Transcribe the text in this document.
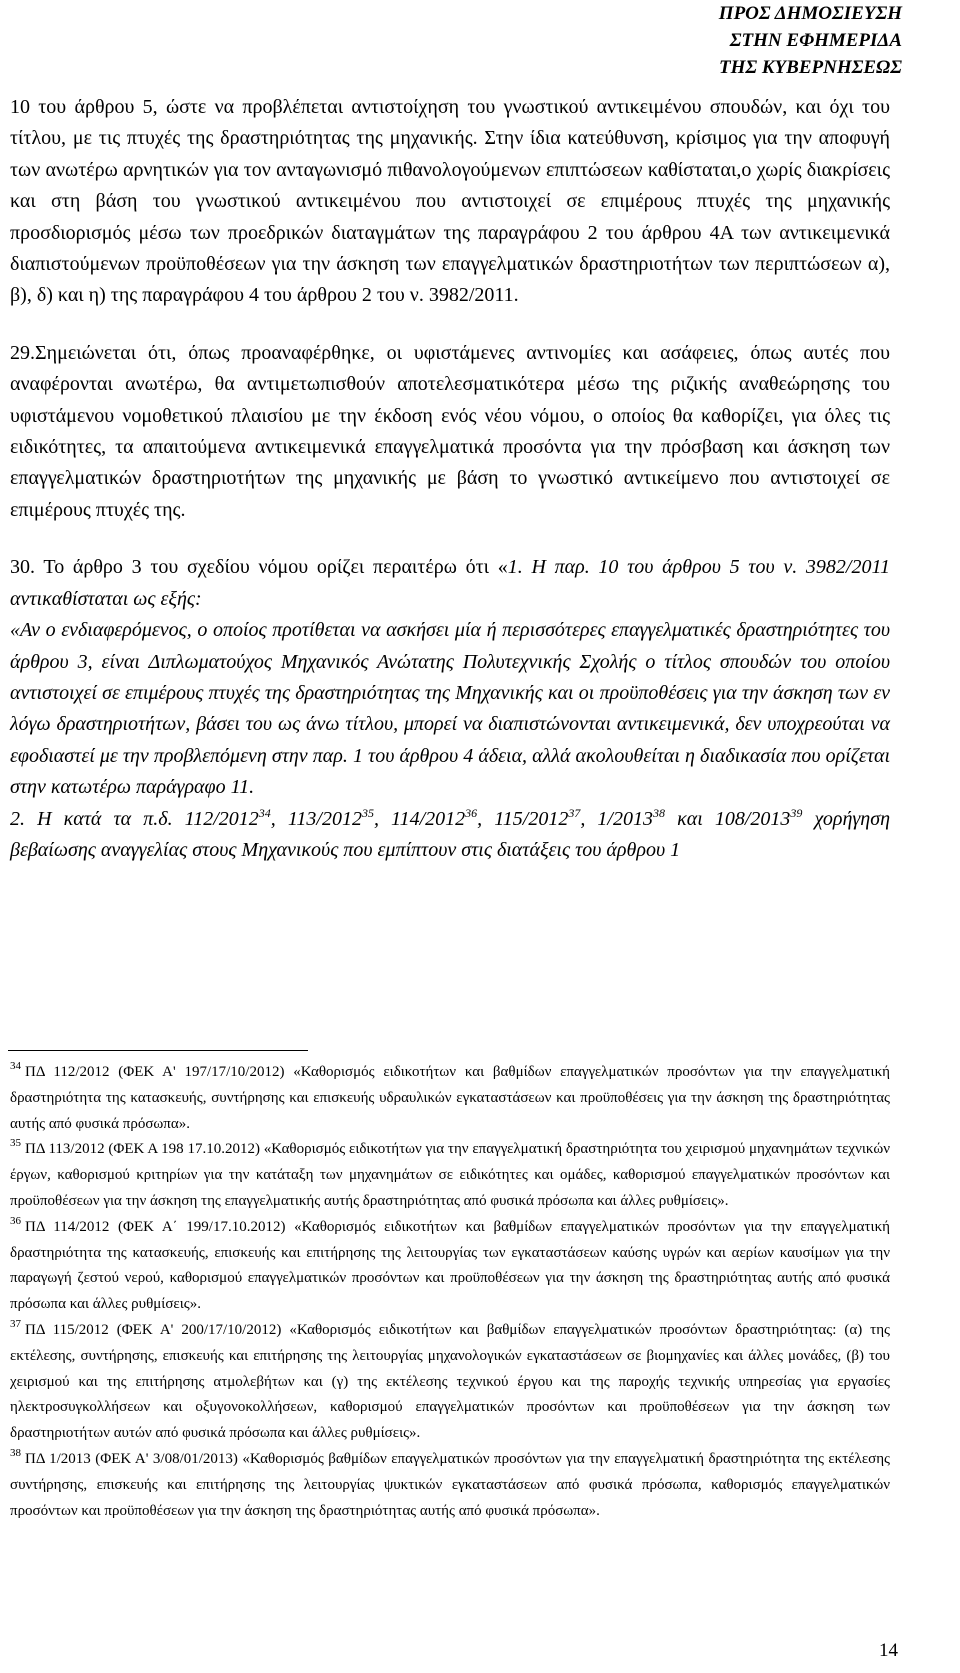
ΠΡΟΣ ΔΗΜΟΣΙΕΥΣΗ
ΣΤΗΝ ΕΦΗΜΕΡΙΔΑ
ΤΗΣ ΚΥΒΕΡΝΗΣΕΩΣ

10 του άρθρου 5, ώστε να προβλέπεται αντιστοίχηση του γνωστικού αντικειμένου σπουδών, και όχι του τίτλου, με τις πτυχές της δραστηριότητας της μηχανικής. Στην ίδια κατεύθυνση, κρίσιμος για την αποφυγή των ανωτέρω αρνητικών για τον ανταγωνισμό πιθανολογούμενων επιπτώσεων καθίσταται,ο χωρίς διακρίσεις και στη βάση του γνωστικού αντικειμένου που αντιστοιχεί σε επιμέρους πτυχές της μηχανικής προσδιορισμός μέσω των προεδρικών διαταγμάτων της παραγράφου 2 του άρθρου 4Α των αντικειμενικά διαπιστούμενων προϋποθέσεων για την άσκηση των επαγγελματικών δραστηριοτήτων των περιπτώσεων α), β), δ) και η) της παραγράφου 4 του άρθρου 2 του ν. 3982/2011.

29.Σημειώνεται ότι, όπως προαναφέρθηκε, οι υφιστάμενες αντινομίες και ασάφειες, όπως αυτές που αναφέρονται ανωτέρω, θα αντιμετωπισθούν αποτελεσματικότερα μέσω της ριζικής αναθεώρησης του υφιστάμενου νομοθετικού πλαισίου με την έκδοση ενός νέου νόμου, ο οποίος θα καθορίζει, για όλες τις ειδικότητες, τα απαιτούμενα αντικειμενικά επαγγελματικά προσόντα για την πρόσβαση και άσκηση των επαγγελματικών δραστηριοτήτων της μηχανικής με βάση το γνωστικό αντικείμενο που αντιστοιχεί σε επιμέρους πτυχές της.

30. Το άρθρο 3 του σχεδίου νόμου ορίζει περαιτέρω ότι «1. Η παρ. 10 του άρθρου 5 του ν. 3982/2011 αντικαθίσταται ως εξής:

«Αν ο ενδιαφερόμενος, ο οποίος προτίθεται να ασκήσει μία ή περισσότερες επαγγελματικές δραστηριότητες του άρθρου 3, είναι Διπλωματούχος Μηχανικός Ανώτατης Πολυτεχνικής Σχολής ο τίτλος σπουδών του οποίου αντιστοιχεί σε επιμέρους πτυχές της δραστηριότητας της Μηχανικής και οι προϋποθέσεις για την άσκηση των εν λόγω δραστηριοτήτων, βάσει του ως άνω τίτλου, μπορεί να διαπιστώνονται αντικειμενικά, δεν υποχρεούται να εφοδιαστεί με την προβλεπόμενη στην παρ. 1 του άρθρου 4 άδεια, αλλά ακολουθείται η διαδικασία που ορίζεται στην κατωτέρω παράγραφο 11.

2. Η κατά τα π.δ. 112/2012$^{34}$, 113/2012$^{35}$, 114/2012$^{36}$, 115/2012$^{37}$, 1/2013$^{38}$ και 108/2013$^{39}$ χορήγηση βεβαίωσης αναγγελίας στους Μηχανικούς που εμπίπτουν στις διατάξεις του άρθρου 1

$^{34}$ ΠΔ 112/2012 (ΦΕΚ Α' 197/17/10/2012) «Καθορισμός ειδικοτήτων και βαθμίδων επαγγελματικών προσόντων για την επαγγελματική δραστηριότητα της κατασκευής, συντήρησης και επισκευής υδραυλικών εγκαταστάσεων και προϋποθέσεις για την άσκηση της δραστηριότητας αυτής από φυσικά πρόσωπα».

$^{35}$ ΠΔ 113/2012 (ΦΕΚ Α 198 17.10.2012) «Καθορισμός ειδικοτήτων για την επαγγελματική δραστηριότητα του χειρισμού μηχανημάτων τεχνικών έργων, καθορισμού κριτηρίων για την κατάταξη των μηχανημάτων σε ειδικότητες και ομάδες, καθορισμού επαγγελματικών προσόντων και προϋποθέσεων για την άσκηση της επαγγελματικής αυτής δραστηριότητας από φυσικά πρόσωπα και άλλες ρυθμίσεις».

$^{36}$ ΠΔ 114/2012 (ΦΕΚ Α΄ 199/17.10.2012) «Καθορισμός ειδικοτήτων και βαθμίδων επαγγελματικών προσόντων για την επαγγελματική δραστηριότητα της κατασκευής, επισκευής και επιτήρησης της λειτουργίας των εγκαταστάσεων καύσης υγρών και αερίων καυσίμων για την παραγωγή ζεστού νερού, καθορισμού επαγγελματικών προσόντων και προϋποθέσεων για την άσκηση της δραστηριότητας αυτής από φυσικά πρόσωπα και άλλες ρυθμίσεις».

$^{37}$ ΠΔ 115/2012 (ΦΕΚ Α' 200/17/10/2012) «Καθορισμός ειδικοτήτων και βαθμίδων επαγγελματικών προσόντων δραστηριότητας: (α) της εκτέλεσης, συντήρησης, επισκευής και επιτήρησης της λειτουργίας μηχανολογικών εγκαταστάσεων σε βιομηχανίες και άλλες μονάδες, (β) του χειρισμού και της επιτήρησης ατμολεβήτων και (γ) της εκτέλεσης τεχνικού έργου και της παροχής τεχνικής υπηρεσίας για εργασίες ηλεκτροσυγκολλήσεων και οξυγονοκολλήσεων, καθορισμού επαγγελματικών προσόντων και προϋποθέσεων για την άσκηση των δραστηριοτήτων αυτών από φυσικά πρόσωπα και άλλες ρυθμίσεις».

$^{38}$ ΠΔ 1/2013 (ΦΕΚ Α' 3/08/01/2013) «Καθορισμός βαθμίδων επαγγελματικών προσόντων για την επαγγελματική δραστηριότητα της εκτέλεσης συντήρησης, επισκευής και επιτήρησης της λειτουργίας ψυκτικών εγκαταστάσεων από φυσικά πρόσωπα, καθορισμός επαγγελματικών προσόντων και προϋποθέσεων για την άσκηση της δραστηριότητας αυτής από φυσικά πρόσωπα».

14
